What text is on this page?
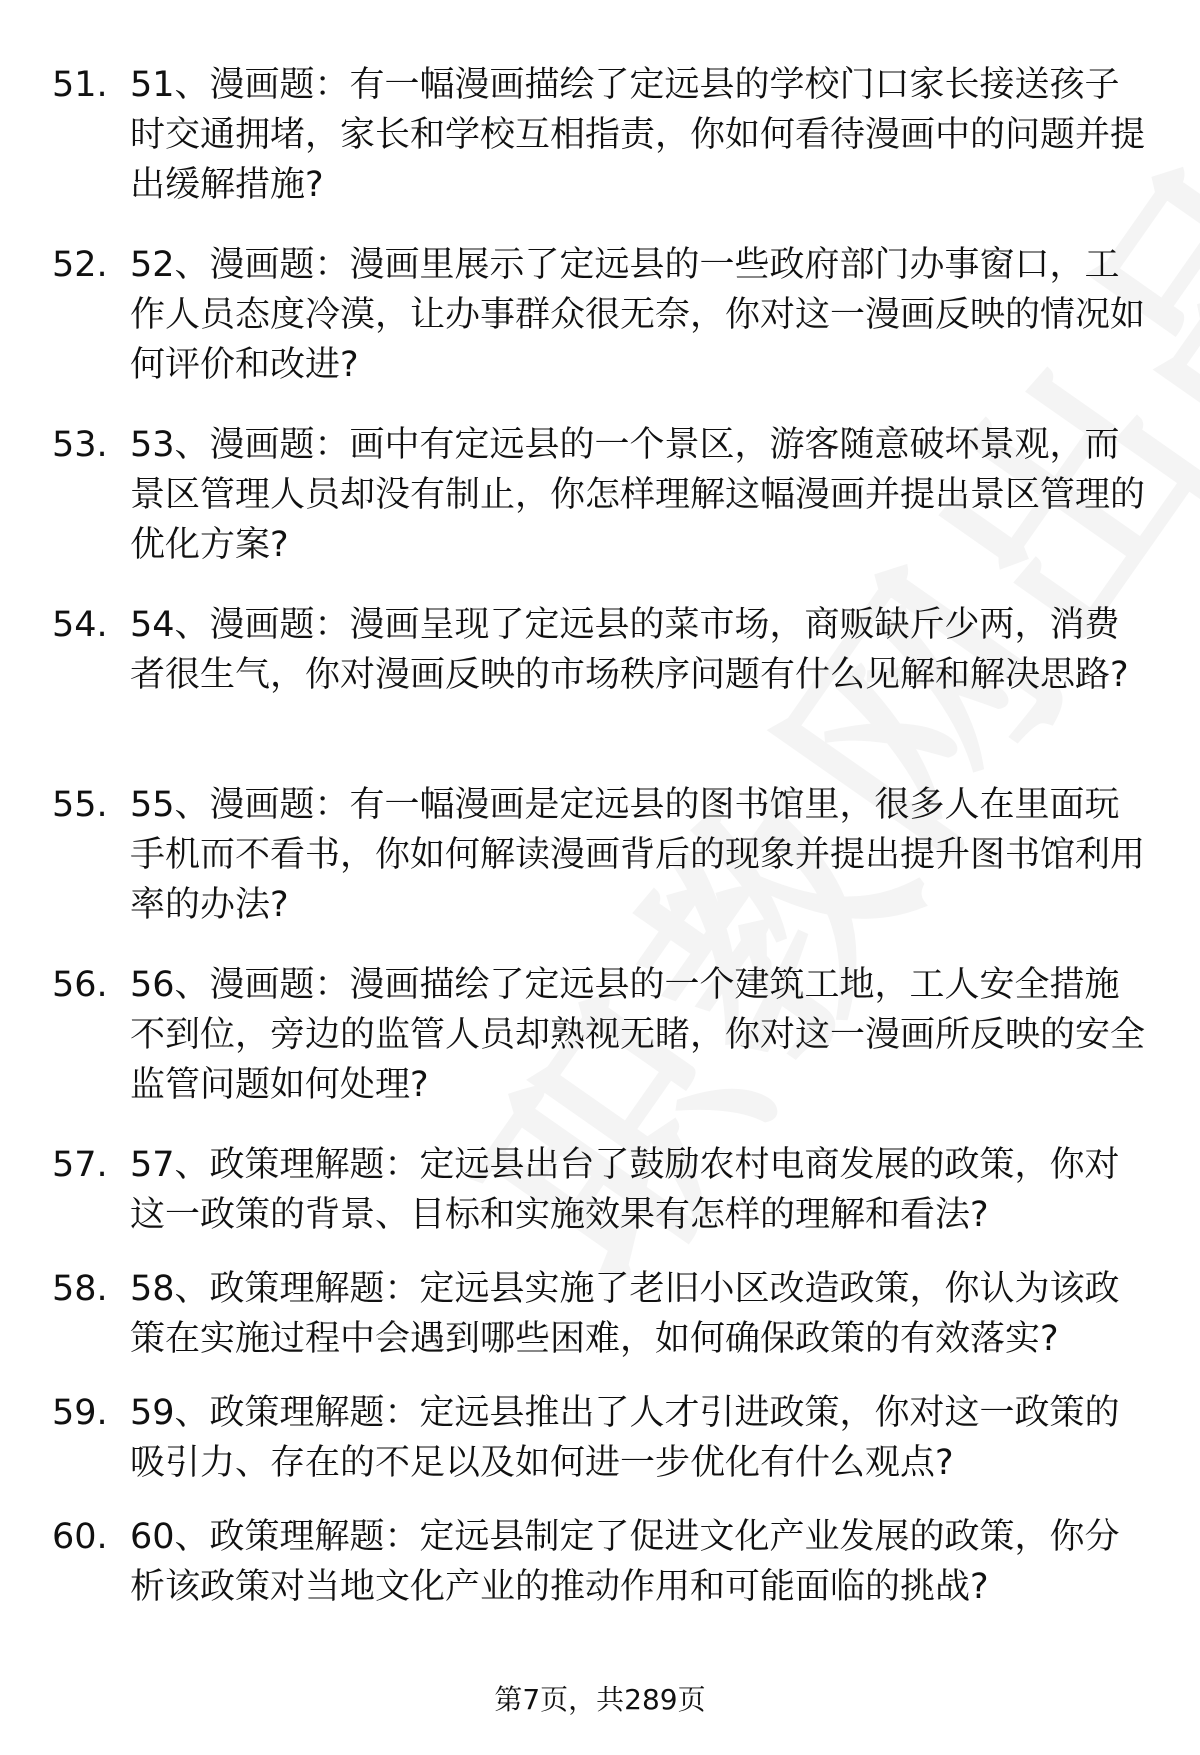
51. 51、漫画题：有一幅漫画描绘了定远县的学校门口家长接送孩子时交通拥堵，家长和学校互相指责，你如何看待漫画中的问题并提出缓解措施?
52. 52、漫画题：漫画里展示了定远县的一些政府部门办事窗口，工作人员态度冷漠，让办事群众很无奈，你对这一漫画反映的情况如何评价和改进?
53. 53、漫画题：画中有定远县的一个景区，游客随意破坏景观，而景区管理人员却没有制止，你怎样理解这幅漫画并提出景区管理的优化方案?
54. 54、漫画题：漫画呈现了定远县的菜市场，商贩缺斤少两，消费者很生气，你对漫画反映的市场秩序问题有什么见解和解决思路?
55. 55、漫画题：有一幅漫画是定远县的图书馆里，很多人在里面玩手机而不看书，你如何解读漫画背后的现象并提出提升图书馆利用率的办法?
56. 56、漫画题：漫画描绘了定远县的一个建筑工地，工人安全措施不到位，旁边的监管人员却熟视无睹，你对这一漫画所反映的安全监管问题如何处理?
57. 57、政策理解题：定远县出台了鼓励农村电商发展的政策，你对这一政策的背景、目标和实施效果有怎样的理解和看法?
58. 58、政策理解题：定远县实施了老旧小区改造政策，你认为该政策在实施过程中会遇到哪些困难，如何确保政策的有效落实?
59. 59、政策理解题：定远县推出了人才引进政策，你对这一政策的吸引力、存在的不足以及如何进一步优化有什么观点?
60. 60、政策理解题：定远县制定了促进文化产业发展的政策，你分析该政策对当地文化产业的推动作用和可能面临的挑战?
第7页，共289页
